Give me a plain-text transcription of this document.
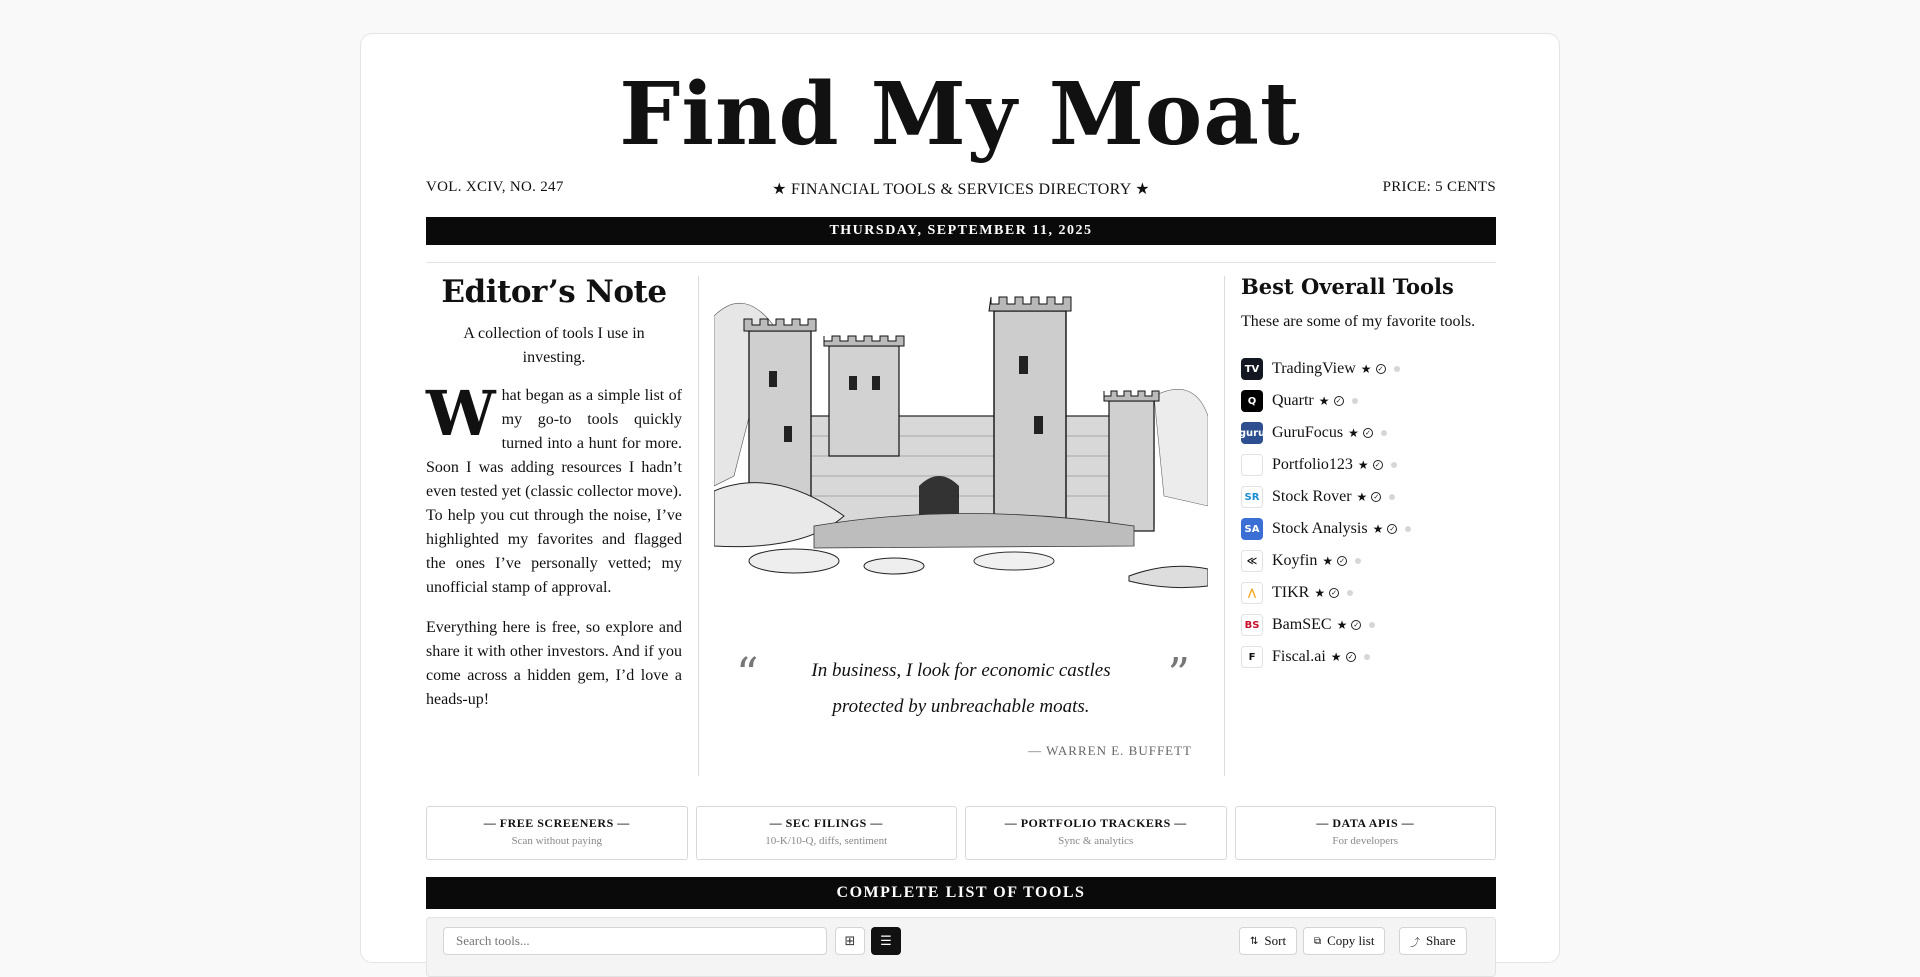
Find My Moat
VOL. XCIV, NO. 247	★ FINANCIAL TOOLS & SERVICES DIRECTORY ★	PRICE: 5 CENTS
THURSDAY, SEPTEMBER 11, 2025
Editor’s Note
A collection of tools I use in investing.

What began as a simple list of my go-to tools quickly turned into a hunt for more. Soon I was adding resources I hadn’t even tested yet (classic collector move). To help you cut through the noise, I’ve highlighted my favorites and flagged the ones I’ve personally vetted; my unofficial stamp of approval.

Everything here is free, so explore and share it with other investors. And if you come across a hidden gem, I’d love a heads-up!	“	In business, I look for economic castles protected by unbreachable moats.
”
— WARREN E. BUFFETT
Best Overall Tools
These are some of my favorite tools.
TV TradingView ★ ✓
Q Quartr ★ ✓
guru GuruFocus ★ ✓
Portfolio123 ★ ✓
SR Stock Rover ★ ✓
SA Stock Analysis ★ ✓
≪ Koyfin ★ ✓
⋀ TIKR ★ ✓
BS BamSEC ★ ✓
F	Fiscal.ai ★ ✓
— FREE SCREENERS —
Scan without paying
— SEC FILINGS —
10-K/10-Q, diffs, sentiment
— PORTFOLIO TRACKERS —
Sync & analytics
— DATA APIS —
For developers
COMPLETE LIST OF TOOLS
Search tools...
⊞ ☰	⇅ Sort	⧉ Copy list	⤴ Share
